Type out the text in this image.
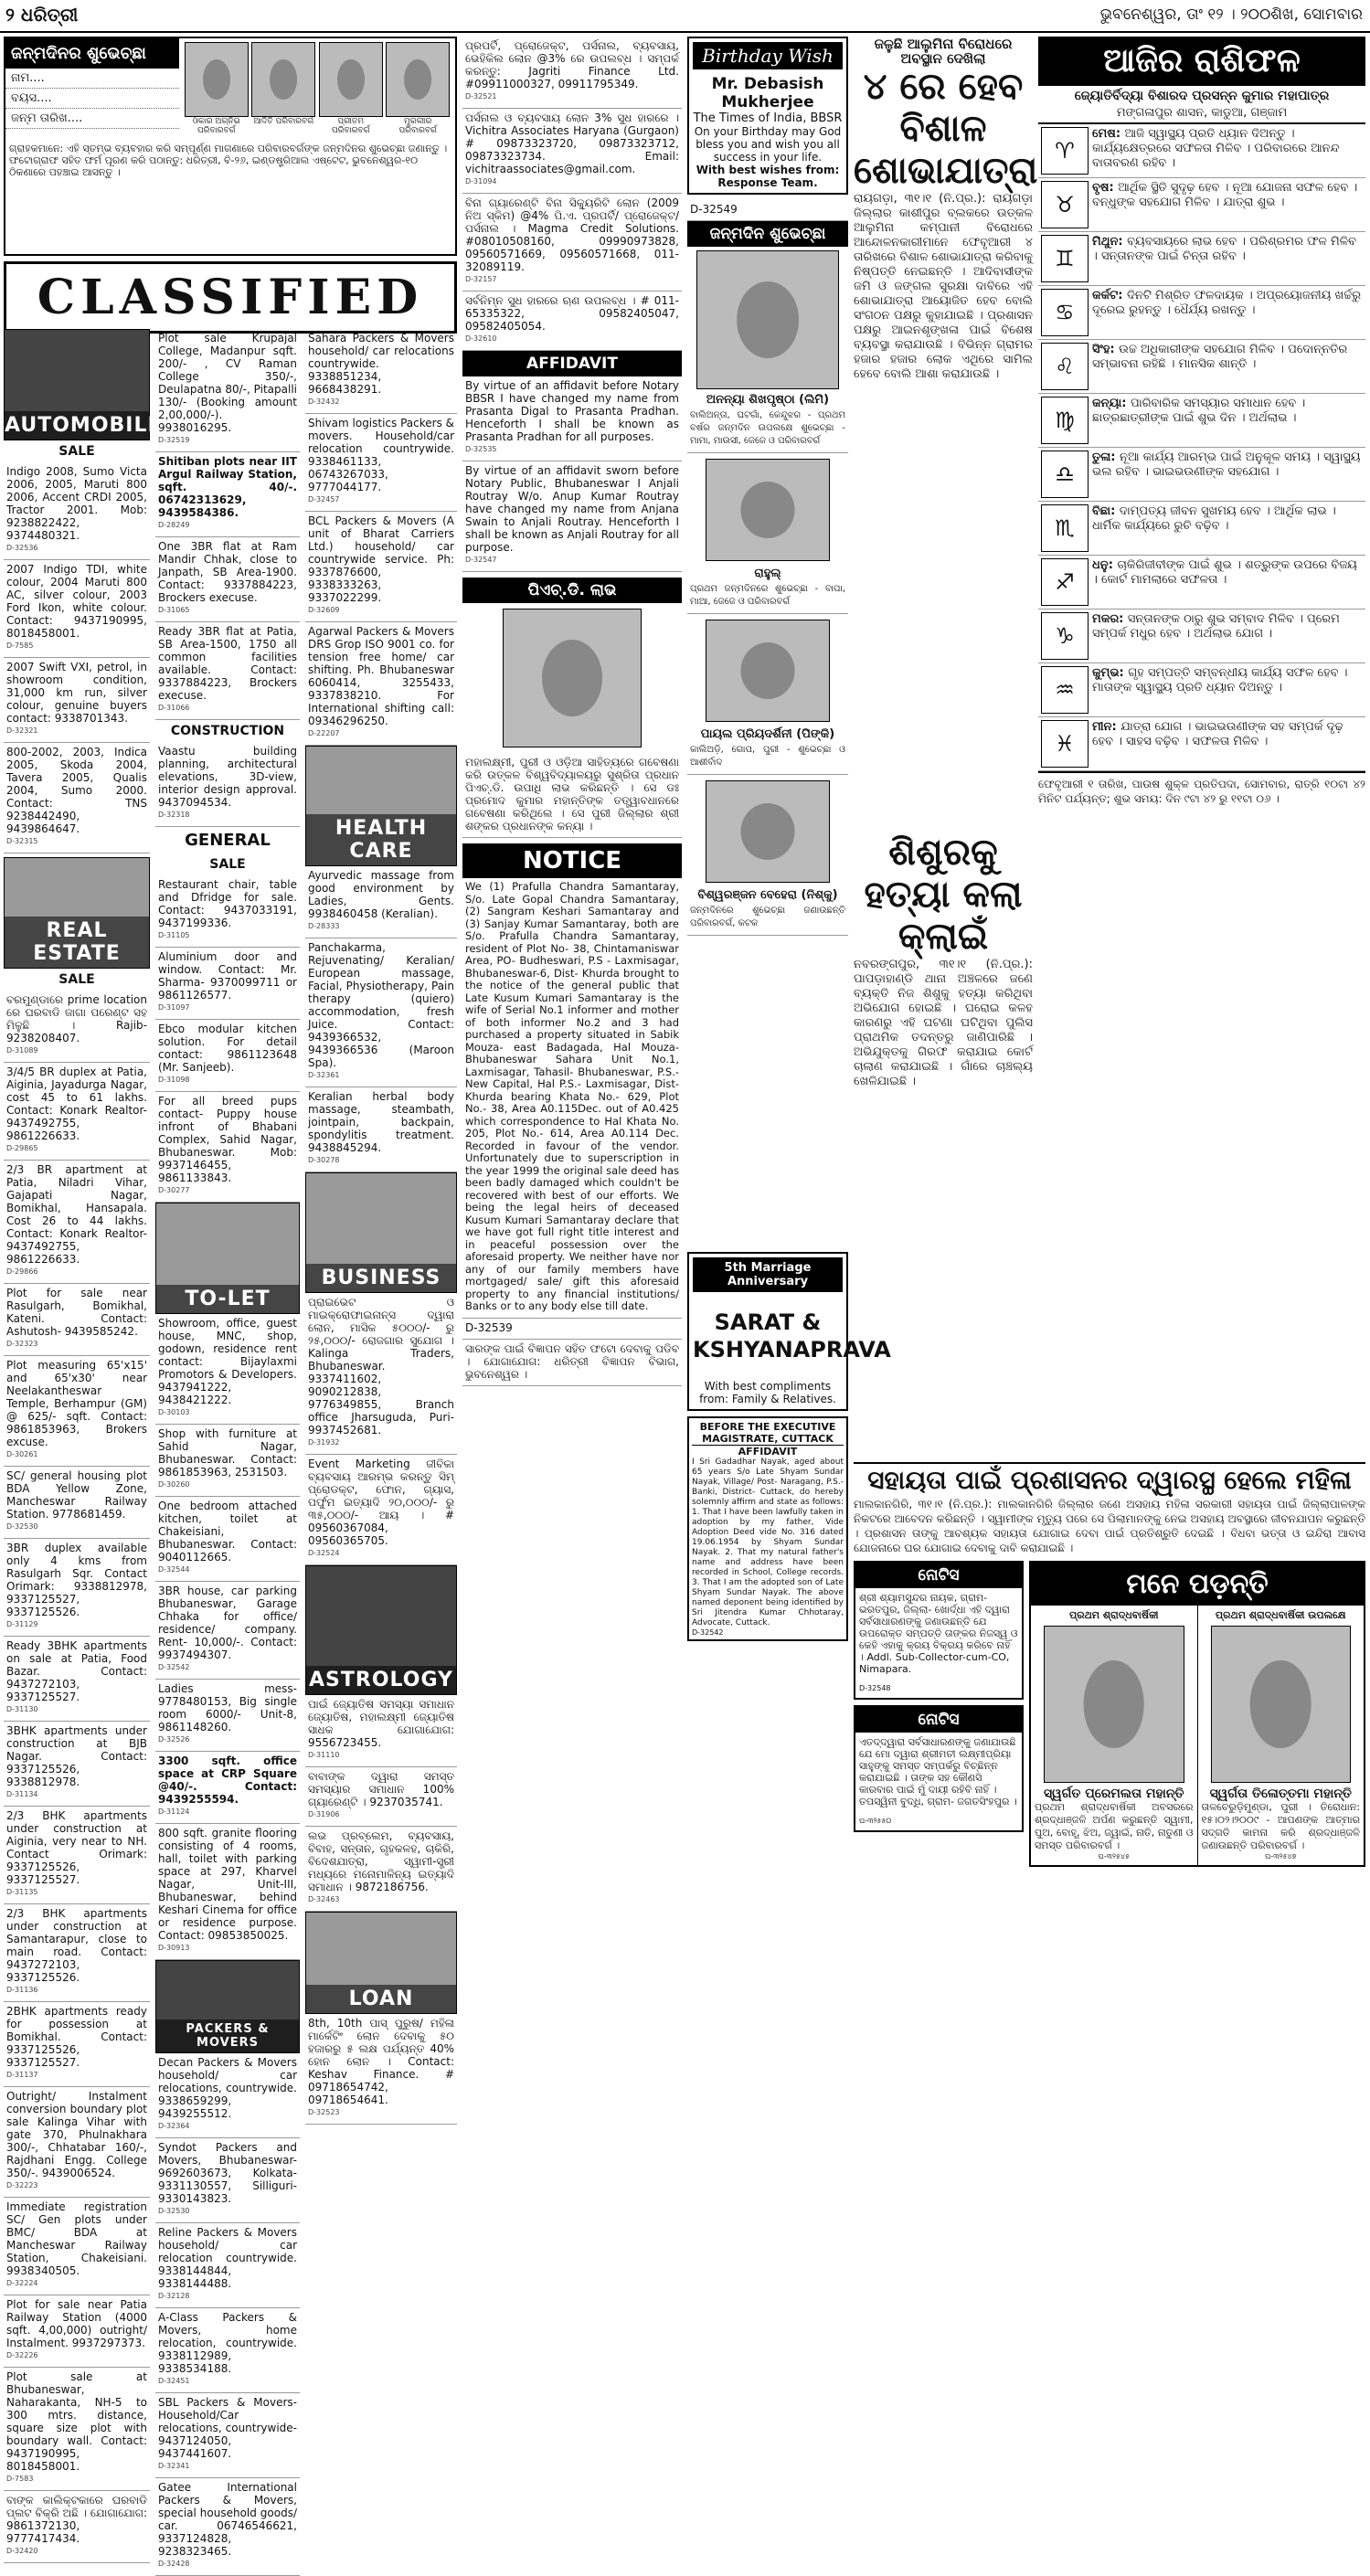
୨ ଧରିତ୍ରୀ	ଭୁବନେଶ୍ୱର, ତାଂ ୧୨ । ୨୦୦ଶିଖ, ସୋମବାର
ଜନ୍ମଦିନର ଶୁଭେଚ୍ଛା
ନାମ....
ବୟସ....
ଜନ୍ମ ତାରିଖ....	ଓଁକାର ଅଗ୍ନିଭ ପରିବାରବର୍ଗ
ଆଦିତି ପରିବାରବର୍ଗ	ପ୍ରୀତମ ପରିବାରବର୍ଗ
ମୁରଲୀର ପରିବାରବର୍ଗ
ଗ୍ରାହକମାନେ: ଏହି ସ୍ତମ୍ଭ ବ୍ୟବହାର କରି ସମ୍ପୂର୍ଣ୍ଣ ମାଗଣାରେ ପରିବାରବର୍ଗଙ୍କ ଜନ୍ମଦିନର ଶୁଭେଚ୍ଛା ଜଣାନ୍ତୁ । ଫଟୋଗ୍ରାଫ ସହିତ ଫର୍ମ ପୂରଣ କରି ପଠାନ୍ତୁ: ଧରିତ୍ରୀ, ବି-୨୬, ଇଣ୍ଡଷ୍ଟ୍ରିଆଲ ଏଷ୍ଟେଟ, ଭୁବନେଶ୍ୱର-୧୦ ଠିକଣାରେ ପହଞ୍ଚାଇ ଆସନ୍ତୁ ।
CLASSIFIED
AUTOMOBILE
SALE
Indigo 2008, Sumo Victa 2006, 2005, Maruti 800 2006, Accent CRDI 2005, Tractor 2001. Mob: 9238822422, 9374480321.
D-32536
2007 Indigo TDI, white colour, 2004 Maruti 800 AC, silver colour, 2003 Ford Ikon, white colour. Contact: 9437190995, 8018458001.
D-7585
2007 Swift VXI, petrol, in showroom condition, 31,000 km run, silver colour, genuine buyers contact: 9338701343.
D-32321
800-2002, 2003, Indica 2005, Skoda 2004, Tavera 2005, Qualis 2004, Sumo 2000. Contact: TNS 9238442490, 9439864647.
D-32315
REAL ESTATE
SALE
ବରମୁଣ୍ଡାରେ prime location ରେ ଘରବାଡି ଜାଗା ପରେଣ୍ଟ ସହ ମିଳୁଛି । Rajib- 9238208407.
D-31089
3/4/5 BR duplex at Patia, Aiginia, Jayadurga Nagar, cost 45 to 61 lakhs. Contact: Konark Realtor- 9437492755, 9861226633.
D-29865
2/3 BR apartment at Patia, Niladri Vihar, Gajapati Nagar, Bomikhal, Hansapala. Cost 26 to 44 lakhs. Contact: Konark Realtor- 9437492755, 9861226633.
D-29866
Plot for sale near Rasulgarh, Bomikhal, Kateni. Contact: Ashutosh- 9439585242.
D-32323
Plot measuring 65'x15' and 65'x30' near Neelakantheswar Temple, Berhampur (GM) @ 625/- sqft. Contact: 9861853963, Brokers excuse.
D-30261
SC/ general housing plot BDA Yellow Zone, Mancheswar Railway Station. 9778681459.
D-32530
3BR duplex available only 4 kms from Rasulgarh Sqr. Contact Orimark: 9338812978, 9337125527, 9337125526.
D-31129
Ready 3BHK apartments on sale at Patia, Food Bazar. Contact: 9437272103, 9337125527.
D-31130
3BHK apartments under construction at BJB Nagar. Contact: 9337125526, 9338812978.
D-31134
2/3 BHK apartments under construction at Aiginia, very near to NH. Contact Orimark: 9337125526, 9337125527.
D-31135
2/3 BHK apartments under construction at Samantarapur, close to main road. Contact: 9437272103, 9337125526.
D-31136
2BHK apartments ready for possession at Bomikhal. Contact: 9337125526, 9337125527.
D-31137
Outright/ Instalment conversion boundary plot sale Kalinga Vihar with gate 370, Phulnakhara 300/-, Chhatabar 160/-, Rajdhani Engg. College 350/-. 9439006524.
D-32223
Immediate registration SC/ Gen plots under BMC/ BDA at Mancheswar Railway Station, Chakeisiani. 9938340505.
D-32224
Plot for sale near Patia Railway Station (4000 sqft. 4,00,000) outright/ Instalment. 9937297373.
D-32226
Plot sale at Bhubaneswar, Naharakanta, NH-5 to 300 mtrs. distance, square size plot with boundary wall. Contact: 9437190995, 8018458001.
D-7583
ବାଙ୍କ କାଲିକ୍ଟକାରେ ଘରବାଡି ପ୍ଲଟ ବିକ୍ରି ଅଛି । ଯୋଗାଯୋଗ: 9861372130, 9777417434.
D-32420
Plot sale Krupajal College, Madanpur sqft. 200/- , CV Raman College 350/-, Deulapatna 80/-, Pitapalli 130/- (Booking amount 2,00,000/-). 9938016295.
D-32519
Shitiban plots near IIT Argul Railway Station, sqft. 40/-. 06742313629, 9439584386.
D-28249
One 3BR flat at Ram Mandir Chhak, close to Janpath, SB Area-1900. Contact: 9337884223, Brockers execuse.
D-31065
Ready 3BR flat at Patia, SB Area-1500, 1750 all common facilities available. Contact: 9337884223, Brockers execuse.
D-31066
CONSTRUCTION
Vaastu building planning, architectural elevations, 3D-view, interior design approval. 9437094534.
D-32318
GENERAL
SALE
Restaurant chair, table and Dfridge for sale. Contact: 9437033191, 9437199336.
D-31105
Aluminium door and window. Contact: Mr. Sharma- 9370099711 or 9861126577.
D-31097
Ebco modular kitchen solution. For detail contact: 9861123648 (Mr. Sanjeeb).
D-31098
For all breed pups contact- Puppy house infront of Bhabani Complex, Sahid Nagar, Bhubaneswar. Mob: 9937146455, 9861133843.
D-30277
TO-LET
Showroom, office, guest house, MNC, shop, godown, residence rent contact: Bijaylaxmi Promotors & Developers. 9437941222, 9438421222.
D-30103
Shop with furniture at Sahid Nagar, Bhubaneswar. Contact: 9861853963, 2531503.
D-30260
One bedroom attached kitchen, toilet at Chakeisiani, Bhubaneswar. Contact: 9040112665.
D-32544
3BR house, car parking Bhubaneswar, Garage Chhaka for office/ residence/ company. Rent- 10,000/-. Contact: 9937494307.
D-32542
Ladies mess- 9778480153, Big single room 6000/- Unit-8, 9861148260.
D-32526
3300 sqft. office space at CRP Square @40/-. Contact: 9439255594.
D-31124
800 sqft. granite flooring consisting of 4 rooms, hall, toilet with parking space at 297, Kharvel Nagar, Unit-III, Bhubaneswar, behind Keshari Cinema for office or residence purpose. Contact: 09853850025.
D-30913
PACKERS & MOVERS
Decan Packers & Movers household/ car relocations, countrywide. 9338659299, 9439255512.
D-32364
Syndot Packers and Movers, Bhubaneswar- 9692603673, Kolkata- 9331130557, Silliguri- 9330143823.
D-32530
Reline Packers & Movers household/ car relocation countrywide. 9338144844, 9338144488.
D-32128
A-Class Packers & Movers, home relocation, countrywide. 9338112989, 9338534188.
D-32451
SBL Packers & Movers- Household/Car relocations, countrywide- 9437124050, 9437441607.
D-32341
Gatee International Packers & Movers, special household goods/ car. 06746546621, 9337124828, 9238323465.
D-32428
Sahara Packers & Movers household/ car relocations countrywide. 9338851234, 9668438291.
D-32432
Shivam logistics Packers & movers. Household/car relocation countrywide. 9338461133, 06743267033, 9777044177.
D-32457
BCL Packers & Movers (A unit of Bharat Carriers Ltd.) household/ car countrywide service. Ph: 9337876600, 9338333263, 9337022299.
D-32609
Agarwal Packers & Movers DRS Grop ISO 9001 co. for tension free home/ car shifting. Ph. Bhubaneswar 6060414, 3255433, 9337838210. For International shifting call: 09346296250.
D-22207
HEALTH CARE
Ayurvedic massage from good environment by Ladies, Gents. 9938460458 (Keralian).
D-28333
Panchakarma, Rejuvenating/ Keralian/ European massage, Facial, Physiotherapy, Pain therapy (quiero) accommodation, fresh Juice. Contact: 9439366532, 9439366536 (Maroon Spa).
D-32361
Keralian herbal body massage, steambath, jointpain, backpain, spondylitis treatment. 9438845294.
D-30278
BUSINESS
ପ୍ରାଇଭେଟ ଓ ମାଇକ୍ରୋଫାଇନାନ୍ସ ଦ୍ୱାରା ଲୋନ, ମାସିକ ୫୦୦୦/- ରୁ ୨୫,୦୦୦/- ରୋଜଗାର ସୁଯୋଗ । Kalinga Traders, Bhubaneswar. 9337411602, 9090212838, 9776349855, Branch office Jharsuguda, Puri- 9937452681.
D-31932
Event Marketing ଜୀବିକା ବ୍ୟବସାୟ ଆରମ୍ଭ କରନ୍ତୁ ସିମ୍‌ ପ୍ରୋଡକ୍ଟ, ଫୋନ, ଗ୍ୟାସ, ପର୍ଫୁମ ଇତ୍ୟାଦି ୨୦,୦୦୦/- ରୁ ୩୫,୦୦୦/- ଆୟ । # 09560367084, 09560365705.
D-32524
ASTROLOGY
ପାଇଁ ଜ୍ୟୋତିଷ ସମସ୍ୟା ସମାଧାନ ଜ୍ୟୋତିଷ, ମହାଲକ୍ଷ୍ମୀ ଜ୍ୟୋତିଷ ସାଧକ ଯୋଗାଯୋଗ: 9556723455.
D-31110
ବାବାଙ୍କ ଦ୍ୱାରା ସମସ୍ତ ସମସ୍ୟାର ସମାଧାନ 100% ଗ୍ୟାରେଣ୍ଟି । 9237035741.
D-31906
ଲଭ ପ୍ରବ୍ଲେମ, ବ୍ୟବସାୟ, ବିବାହ, ସନ୍ତାନ, ଗୃହକଳହ, ଚାକିରି, ବିଦେଶଯାତ୍ରା, ସ୍ୱାମୀ-ସ୍ତ୍ରୀ ମଧ୍ୟରେ ମନୋମାଳିନ୍ୟ ଇତ୍ୟାଦି ସମାଧାନ । 9872186756.
D-32463
LOAN
8th, 10th ପାସ୍ ପୁରୁଷ/ ମହିଳା ମାର୍କେଟିଂ ଲୋନ ଦେବାକୁ ୫୦ ହଜାରରୁ ୫ ଲକ୍ଷ ପର୍ଯ୍ୟନ୍ତ 40% ହୋନ ଲୋନ । Contact: Keshav Finance. # 09718654742, 09718654641.
D-32523
ପ୍ରପର୍ଟି, ପ୍ରୋଜେକ୍ଟ, ପର୍ସନାଲ, ବ୍ୟବସାୟ, ଭେହିକିଲ ଲୋନ @3% ରେ ଉପଲବ୍ଧ । ସମ୍ପର୍କ କରନ୍ତୁ: Jagriti Finance Ltd. #09911000327, 09911795349.
D-32521
ପର୍ସନାଲ ଓ ବ୍ୟବସାୟ ଲୋନ 3% ସୁଧ ହାରରେ । Vichitra Associates Haryana (Gurgaon) # 09873323720, 09873323712, 09873323734. Email: vichitraassociates@gmail.com.
D-31094
ବିନା ଗ୍ୟାରେଣ୍ଟି ବିନା ସିକ୍ୟୁରିଟି ଲୋନ (2009 ନିଅ ସ୍କିମ) @4% ପି.ଏ. ପ୍ରପର୍ଟି/ ପ୍ରୋଜେକ୍ଟ/ ପର୍ସନାଲ । Magma Credit Solutions. #08010508160, 09990973828, 09560571669, 09560571668, 011-32089119.
D-32157
ସର୍ବନିମ୍ନ ସୁଧ ହାରରେ ଋଣ ଉପଲବ୍ଧ । # 011-65335322, 09582405047, 09582405054.
D-32610
AFFIDAVIT
By virtue of an affidavit before Notary BBSR I have changed my name from Prasanta Digal to Prasanta Pradhan. Henceforth I shall be known as Prasanta Pradhan for all purposes.
D-32535
By virtue of an affidavit sworn before Notary Public, Bhubaneswar I Anjali Routray W/o. Anup Kumar Routray have changed my name from Anjana Swain to Anjali Routray. Henceforth I shall be known as Anjali Routray for all purpose.
D-32547
ପିଏଚ୍‌.ଡି. ଲାଭ
ମହାଲକ୍ଷ୍ମୀ, ପୁରୀ ଓ ଓଡ଼ିଆ ସାହିତ୍ୟରେ ଗବେଷଣା କରି ଉତ୍କଳ ବିଶ୍ୱବିଦ୍ୟାଳୟରୁ ସୁଶ୍ରିତା ପ୍ରଧାନ ପିଏଚ୍‌.ଡି. ଉପାଧି ଲାଭ କରିଛନ୍ତି । ସେ ଡଃ ପ୍ରମୋଦ କୁମାର ମହାନ୍ତିଙ୍କ ତତ୍ତ୍ୱାବଧାନରେ ଗବେଷଣା କରିଥିଲେ । ସେ ପୁରୀ ଜିଲ୍ଲାର ଶ୍ରୀ ଶଙ୍କର ପ୍ରଧାନଙ୍କ କନ୍ୟା ।
NOTICE
We (1) Prafulla Chandra Samantaray, S/o. Late Gopal Chandra Samantaray, (2) Sangram Keshari Samantaray and (3) Sanjay Kumar Samantaray, both are S/o. Prafulla Chandra Samantaray, resident of Plot No- 38, Chintamaniswar Area, PO- Budheswari, P.S - Laxmisagar, Bhubaneswar-6, Dist- Khurda brought to the notice of the general public that Late Kusum Kumari Samantaray is the wife of Serial No.1 informer and mother of both informer No.2 and 3 had purchased a property situated in Sabik Mouza- east Badagada, Hal Mouza- Bhubaneswar Sahara Unit No.1, Laxmisagar, Tahasil- Bhubaneswar, P.S.- New Capital, Hal P.S.- Laxmisagar, Dist- Khurda bearing Khata No.- 629, Plot No.- 38, Area A0.115Dec. out of A0.425 which correspondence to Hal Khata No. 205, Plot No.- 614, Area A0.114 Dec. Recorded in favour of the vendor. Unfortunately due to superscription in the year 1999 the original sale deed has been badly damaged which couldn't be recovered with best of our efforts. We being the legal heirs of deceased Kusum Kumari Samantaray declare that we have got full right title interest and in peaceful possession over the aforesaid property. We neither have nor any of our family members have mortgaged/ sale/ gift this aforesaid property to any financial institutions/ Banks or to any body else till date.
D-32539
ସାରଙ୍କ ପାଇଁ ବିଜ୍ଞାପନ ସହିତ ଫଟୋ ଦେବାକୁ ପଡିବ । ଯୋଗାଯୋଗ: ଧରିତ୍ରୀ ବିଜ୍ଞାପନ ବିଭାଗ, ଭୁବନେଶ୍ୱର ।
Birthday Wish
Mr. Debasish Mukherjee
The Times of India, BBSR
On your Birthday may God bless you and wish you all success in your life.
With best wishes from: Response Team.
D-32549
ଜନ୍ମଦିନ ଶୁଭେଚ୍ଛା
ଅନନ୍ୟା ଶିଖପୃଷ୍ଠା (ଲିମି)
ବାଲିଅନ୍ତା, ଘଟଗାଁ, କେନ୍ଦୁଝର - ପ୍ରଥମ ବର୍ଷର ଜନ୍ମଦିନ ଉପଲକ୍ଷେ ଶୁଭେଚ୍ଛା - ମାମା, ମାଉସୀ, ଜେଜେ ଓ ପରିବାରବର୍ଗ
ରାହୁଲ୍‌
ପ୍ରଥମ ଜନ୍ମଦିନରେ ଶୁଭେଚ୍ଛା - ବାପା, ମାଆ, ଜେଜେ ଓ ପରିବାରବର୍ଗ
ପାୟଲ ପ୍ରିୟଦର୍ଶିନୀ (ପିଙ୍କି)
କାଲିଅଡ଼ି, ଗୋପ, ପୁରୀ - ଶୁଭେଚ୍ଛା ଓ ଆଶୀର୍ବାଦ
ବିଶ୍ୱରଞ୍ଜନ ବେହେରା (ନିଶ୍କୁ)
ଜନ୍ମଦିନରେ ଶୁଭେଚ୍ଛା ଜଣାଉଛନ୍ତି ପରିବାରବର୍ଗ, କଟକ
5th Marriage Anniversary
SARAT & KSHYANAPRAVA
With best compliments from: Family & Relatives.
BEFORE THE EXECUTIVE MAGISTRATE, CUTTACK
AFFIDAVIT
I Sri Gadadhar Nayak, aged about 65 years S/o Late Shyam Sundar Nayak, Village/ Post- Naragang, P.S.- Banki, District- Cuttack, do hereby solemnly affirm and state as follows: 1. That I have been lawfully taken in adoption by my father, Vide Adoption Deed vide No. 316 dated 19.06.1954 by Shyam Sundar Nayak. 2. That my natural father's name and address have been recorded in School, College records. 3. That I am the adopted son of Late Shyam Sundar Nayak. The above named deponent being identified by Sri Jitendra Kumar Chhotaray, Advocate, Cuttack.
D-32542
ଜଳୁଛି ଆଲୁମିନା ବିରୋଧରେ ଅବସ୍ଥାନ ଦେଖିଲା
୪ ରେ ହେବ ବିଶାଳ ଶୋଭାଯାତ୍ରା
ରାୟଗଡ଼ା, ୩୧।୧ (ନି.ପ୍ର.): ରାୟଗଡ଼ା ଜିଲ୍ଲାର କାଶୀପୁର ବ୍ଲକରେ ଉତ୍କଳ ଆଲୁମିନା କମ୍ପାନୀ ବିରୋଧରେ ଆନ୍ଦୋଳନକାରୀମାନେ ଫେବୃଆରୀ ୪ ତାରିଖରେ ବିଶାଳ ଶୋଭାଯାତ୍ରା କରିବାକୁ ନିଷ୍ପତ୍ତି ନେଇଛନ୍ତି । ଆଦିବାସୀଙ୍କ ଜମି ଓ ଜଙ୍ଗଲ ସୁରକ୍ଷା ଦାବିରେ ଏହି ଶୋଭାଯାତ୍ରା ଆୟୋଜିତ ହେବ ବୋଲି ସଂଗଠନ ପକ୍ଷରୁ କୁହାଯାଇଛି । ପ୍ରଶାସନ ପକ୍ଷରୁ ଆଇନଶୃଙ୍ଖଳା ପାଇଁ ବିଶେଷ ବ୍ୟବସ୍ଥା କରାଯାଉଛି । ବିଭିନ୍ନ ଗ୍ରାମର ହଜାର ହଜାର ଲୋକ ଏଥିରେ ସାମିଲ ହେବେ ବୋଲି ଆଶା କରାଯାଉଛି ।
ଶିଶୁରକୁ ହତ୍ୟା କଲା କ୍ଲାଇଁ
ନବରଙ୍ଗପୁର, ୩୧।୧ (ନି.ପ୍ର.): ପାପଡ଼ାହାଣ୍ଡି ଥାନା ଅଞ୍ଚଳରେ ଜଣେ ବ୍ୟକ୍ତି ନିଜ ଶିଶୁକୁ ହତ୍ୟା କରିଥିବା ଅଭିଯୋଗ ହୋଇଛି । ଘରୋଇ କଳହ କାରଣରୁ ଏହି ଘଟଣା ଘଟିଥିବା ପୁଲିସ ପ୍ରାଥମିକ ତଦନ୍ତରୁ ଜାଣିପାରିଛି । ଅଭିଯୁକ୍ତକୁ ଗିରଫ କରାଯାଇ କୋର୍ଟ ଚାଲାଣ କରାଯାଇଛି । ଗାଁରେ ଚାଞ୍ଚଲ୍ୟ ଖେଳିଯାଇଛି ।
ଆଜିର ରାଶିଫଳ
ଜ୍ୟୋତିର୍ବିଦ୍ୟା ବିଶାରଦ ପ୍ରସନ୍ନ କୁମାର ମହାପାତ୍ର
ମଙ୍ଗଳାପୁର ଶାସନ, କାଡୁଆ, ଗଞ୍ଜାମ
♈
ମେଷ: ଆଜି ସ୍ୱାସ୍ଥ୍ୟ ପ୍ରତି ଧ୍ୟାନ ଦିଅନ୍ତୁ । କାର୍ଯ୍ୟକ୍ଷେତ୍ରରେ ସଫଳତା ମିଳିବ । ପରିବାରରେ ଆନନ୍ଦ ବାତାବରଣ ରହିବ ।
♉
ବୃଷ: ଆର୍ଥିକ ସ୍ଥିତି ସୁଦୃଢ଼ ହେବ । ନୂଆ ଯୋଜନା ସଫଳ ହେବ । ବନ୍ଧୁଙ୍କ ସହଯୋଗ ମିଳିବ । ଯାତ୍ରା ଶୁଭ ।
♊
ମିଥୁନ: ବ୍ୟବସାୟରେ ଲାଭ ହେବ । ପରିଶ୍ରମର ଫଳ ମିଳିବ । ସନ୍ତାନଙ୍କ ପାଇଁ ଚିନ୍ତା ରହିବ ।
♋
କର୍କଟ: ଦିନଟି ମିଶ୍ରିତ ଫଳଦାୟକ । ଅପ୍ରୟୋଜନୀୟ ଖର୍ଚ୍ଚରୁ ଦୂରେଇ ରୁହନ୍ତୁ । ଧୈର୍ଯ୍ୟ ରଖନ୍ତୁ ।
♌
ସିଂହ: ଉଚ୍ଚ ଅଧିକାରୀଙ୍କ ସହଯୋଗ ମିଳିବ । ପଦୋନ୍ନତିର ସମ୍ଭାବନା ରହିଛି । ମାନସିକ ଶାନ୍ତି ।
♍
କନ୍ୟା: ପାରିବାରିକ ସମସ୍ୟାର ସମାଧାନ ହେବ । ଛାତ୍ରଛାତ୍ରୀଙ୍କ ପାଇଁ ଶୁଭ ଦିନ । ଅର୍ଥଲାଭ ।
♎
ତୁଳା: ନୂଆ କାର୍ଯ୍ୟ ଆରମ୍ଭ ପାଇଁ ଅନୁକୂଳ ସମୟ । ସ୍ୱାସ୍ଥ୍ୟ ଭଲ ରହିବ । ଭାଇଭଉଣୀଙ୍କ ସହଯୋଗ ।
♏
ବିଛା: ଦାମ୍ପତ୍ୟ ଜୀବନ ସୁଖମୟ ହେବ । ଆର୍ଥିକ ଲାଭ । ଧାର୍ମିକ କାର୍ଯ୍ୟରେ ରୁଚି ବଢ଼ିବ ।
♐
ଧନୁ: ଚାକିରିଜୀବୀଙ୍କ ପାଇଁ ଶୁଭ । ଶତ୍ରୁଙ୍କ ଉପରେ ବିଜୟ । କୋର୍ଟ ମାମଲାରେ ସଫଳତା ।
♑
ମକର: ସନ୍ତାନଙ୍କ ଠାରୁ ଶୁଭ ସମ୍ବାଦ ମିଳିବ । ପ୍ରେମ ସମ୍ପର୍କ ମଧୁର ହେବ । ଅର୍ଥଲାଭ ଯୋଗ ।
♒
କୁମ୍ଭ: ଗୃହ ସମ୍ପତ୍ତି ସମ୍ବନ୍ଧୀୟ କାର୍ଯ୍ୟ ସଫଳ ହେବ । ମାତାଙ୍କ ସ୍ୱାସ୍ଥ୍ୟ ପ୍ରତି ଧ୍ୟାନ ଦିଅନ୍ତୁ ।
♓
ମୀନ: ଯାତ୍ରା ଯୋଗ । ଭାଇଭଉଣୀଙ୍କ ସହ ସମ୍ପର୍କ ଦୃଢ଼ ହେବ । ସାହସ ବଢ଼ିବ । ସଫଳତା ମିଳିବ ।
ଫେବୃଆରୀ ୧ ତାରିଖ, ପାଉଷ ଶୁକ୍ଳ ପ୍ରତିପଦା, ସୋମବାର, ରାତ୍ରି ୧୦ଟା ୪୨ ମିନିଟ ପର୍ଯ୍ୟନ୍ତ; ଶୁଭ ସମୟ: ଦିନ ୯ଟା ୪୨ ରୁ ୧୧ଟା ୦୬ ।
ସହାୟତା ପାଇଁ ପ୍ରଶାସନର ଦ୍ୱାରସ୍ଥ ହେଲେ ମହିଳା
ମାଲକାନଗିରି, ୩୧।୧ (ନି.ପ୍ର.): ମାଲକାନଗିରି ଜିଲ୍ଲାର ଜଣେ ଅସହାୟ ମହିଳା ସରକାରୀ ସହାୟତା ପାଇଁ ଜିଲ୍ଲାପାଳଙ୍କ ନିକଟରେ ଆବେଦନ କରିଛନ୍ତି । ସ୍ୱାମୀଙ୍କ ମୃତ୍ୟୁ ପରେ ସେ ପିଲାମାନଙ୍କୁ ନେଇ ଅସହାୟ ଅବସ୍ଥାରେ ଜୀବନଯାପନ କରୁଛନ୍ତି । ପ୍ରଶାସନ ତାଙ୍କୁ ଆବଶ୍ୟକ ସହାୟତା ଯୋଗାଇ ଦେବା ପାଇଁ ପ୍ରତିଶ୍ରୁତି ଦେଇଛି । ବିଧବା ଭତ୍ତା ଓ ଇନ୍ଦିରା ଆବାସ ଯୋଜନାରେ ଘର ଯୋଗାଇ ଦେବାକୁ ଦାବି କରାଯାଇଛି ।
ନୋଟିସ
ଶ୍ରୀ ଶ୍ୟାମସୁନ୍ଦର ନାୟକ, ଗ୍ରାମ- ଭରତପୁର, ଜିଲ୍ଲା- ଖୋର୍ଦ୍ଧା ଏହି ଦ୍ୱାରା ସର୍ବସାଧାରଣଙ୍କୁ ଜଣାଉଛନ୍ତି ଯେ ଉପରୋକ୍ତ ସମ୍ପତ୍ତି ତାଙ୍କର ନିଜସ୍ୱ ଓ କେହି ଏହାକୁ କ୍ରୟ ବିକ୍ରୟ କରିବେ ନାହିଁ । Addl. Sub-Collector-cum-CO, Nimapara.
D-32548
ନୋଟିସ
ଏତଦ୍‌ଦ୍ୱାରା ସର୍ବସାଧାରଣଙ୍କୁ ଜଣାଯାଉଛି ଯେ ମୋ ଦ୍ୱାରା ଶ୍ରୀମତୀ ଲକ୍ଷ୍ମୀପ୍ରିୟା ସାହୁଙ୍କୁ ସମସ୍ତ ସମ୍ପର୍କରୁ ବିଚ୍ଛିନ୍ନ କରାଯାଇଛି । ତାଙ୍କ ସହ କୌଣସି କାରବାର ପାଇଁ ମୁଁ ଦାୟୀ ରହିବି ନାହିଁ । ତପସ୍ୱିନୀ ବୁଦ୍ଧି, ଗ୍ରାମ- ଜଗତସିଂହପୁର ।
ଘ-୩୨୫୫୦
ମନେ ପଡ଼ନ୍ତି
ପ୍ରଥମ ଶ୍ରାଦ୍ଧବାର୍ଷିକୀ
ସ୍ୱର୍ଗତ ପ୍ରେମଲତା ମହାନ୍ତି
ପ୍ରଥମ ଶ୍ରାଦ୍ଧବାର୍ଷିକୀ ଅବସରରେ ଶ୍ରଦ୍ଧାଞ୍ଜଳି ଅର୍ପଣ କରୁଛନ୍ତି ସ୍ୱାମୀ, ପୁଅ, ବୋହୂ, ଝିଅ, ଜ୍ୱାଇଁ, ନାତି, ନାତୁଣୀ ଓ ସମସ୍ତ ପରିବାରବର୍ଗ ।
ଘ-୩୨୫୪୫
ପ୍ରଥମ ଶ୍ରାଦ୍ଧବାର୍ଷିକୀ ଉପଲକ୍ଷେ
ସ୍ୱର୍ଗତା ତିଳୋତ୍ତମା ମହାନ୍ତି
ତାଳଚେରୁଡ଼ିମୁଣ୍ଡା, ପୁରୀ । ତିରୋଧାନ: ୧୫।୦୨।୨୦୦୯ - ଆପଣଙ୍କ ଆତ୍ମାର ସଦ୍‌ଗତି କାମନା କରି ଶ୍ରଦ୍ଧାଞ୍ଜଳି ଜଣାଉଛନ୍ତି ପରିବାରବର୍ଗ ।
ଘ-୩୨୫୪୭
